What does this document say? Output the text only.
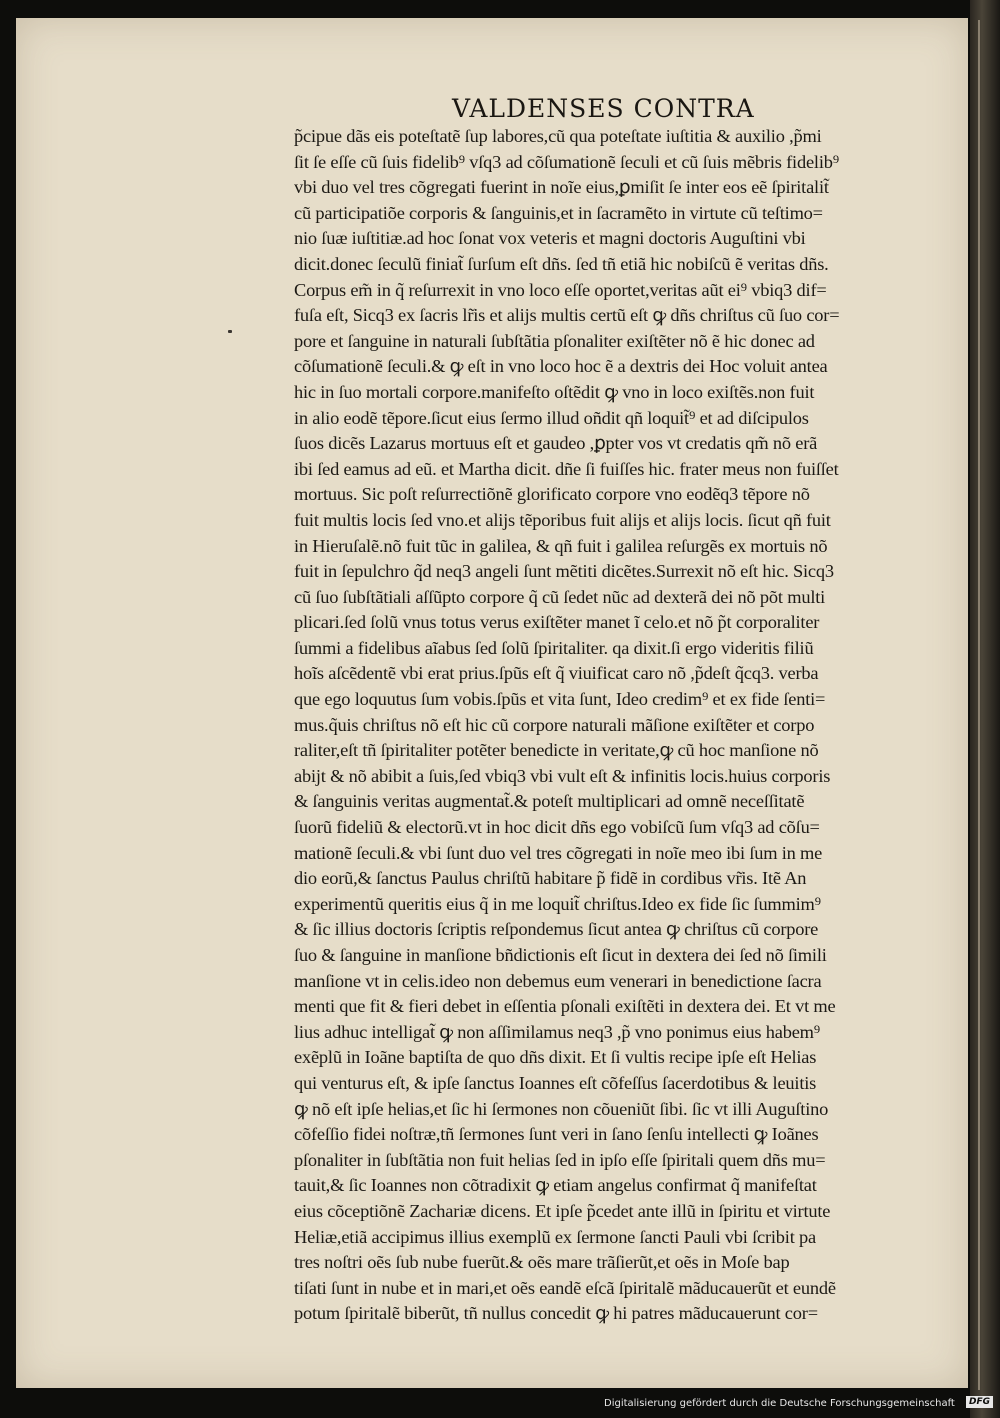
VALDENSES CONTRA
p̃cipue dãs eis poteſtatẽ ſup labores,cũ qua poteſtate iuſtitia & auxilio ,p̃mi
ſit ſe eſſe cũ ſuis fidelib⁹ vſq3 ad cõſumationẽ ſeculi et cũ ſuis mẽbris fidelib⁹
vbi duo vel tres cõgregati fuerint in noĩe eius,ꝑmiſit ſe inter eos eẽ ſpiritalit̃
cũ participatiõe corporis & ſanguinis,et in ſacramẽto in virtute cũ teſtimo=
nio ſuæ iuſtitiæ.ad hoc ſonat vox veteris et magni doctoris Auguſtini vbi
dicit.donec ſeculũ finiat̃ ſurſum eſt dñs. ſed tñ etiã hic nobiſcũ ẽ veritas dñs.
Corpus em̃ in q̃ reſurrexit in vno loco eſſe oportet,veritas aũt ei⁹ vbiq3 dif=
fuſa eſt, Sicq3 ex ſacris lr̃is et alijs multis certũ eſt ꝙ dñs chriſtus cũ ſuo cor=
pore et ſanguine in naturali ſubſtãtia pſonaliter exiſtẽter nõ ẽ hic donec ad
cõſumationẽ ſeculi.& ꝙ eſt in vno loco hoc ẽ a dextris dei Hoc voluit antea
hic in ſuo mortali corpore.manifeſto oſtẽdit ꝙ vno in loco exiſtẽs.non fuit
in alio eodẽ tẽpore.ſicut eius ſermo illud oñdit qñ loquit̃⁹ et ad diſcipulos
ſuos dicẽs Lazarus mortuus eſt et gaudeo ,ꝑpter vos vt credatis qm̃ nõ erã
ibi ſed eamus ad eũ. et Martha dicit. dñe ſi fuiſſes hic. frater meus non fuiſſet
mortuus. Sic poſt reſurrectiõnẽ glorificato corpore vno eodẽq3 tẽpore nõ
fuit multis locis ſed vno.et alijs tẽporibus fuit alijs et alijs locis. ſicut qñ fuit
in Hieruſalẽ.nõ fuit tũc in galilea, & qñ fuit i galilea reſurgẽs ex mortuis nõ
fuit in ſepulchro q̃d neq3 angeli ſunt mẽtiti dicẽtes.Surrexit nõ eſt hic. Sicq3
cũ ſuo ſubſtãtiali aſſũpto corpore q̃ cũ ſedet nũc ad dexterã dei nõ põt multi
plicari.ſed ſolũ vnus totus verus exiſtẽter manet ĩ celo.et nõ p̃t corporaliter
ſummi a fidelibus aĩabus ſed ſolũ ſpiritaliter. qa dixit.ſi ergo videritis filiũ
hoĩs aſcẽdentẽ vbi erat prius.ſpũs eſt q̃ viuificat caro nõ ,p̃deſt q̃cq3. verba
que ego loquutus ſum vobis.ſpũs et vita ſunt, Ideo credim⁹ et ex fide ſenti=
mus.q̃uis chriſtus nõ eſt hic cũ corpore naturali mãſione exiſtẽter et corpo
raliter,eſt tñ ſpiritaliter potẽter benedicte in veritate,ꝙ cũ hoc manſione nõ
abijt & nõ abibit a ſuis,ſed vbiq3 vbi vult eſt & infinitis locis.huius corporis
& ſanguinis veritas augmentat̃.& poteſt multiplicari ad omnẽ neceſſitatẽ
ſuorũ fideliũ & electorũ.vt in hoc dicit dñs ego vobiſcũ ſum vſq3 ad cõſu=
mationẽ ſeculi.& vbi ſunt duo vel tres cõgregati in noĩe meo ibi ſum in me
dio eorũ,& ſanctus Paulus chriſtũ habitare p̃ fidẽ in cordibus vr̃is. Itẽ An
experimentũ queritis eius q̃ in me loquit̃ chriſtus.Ideo ex fide ſic ſummim⁹
& ſic illius doctoris ſcriptis reſpondemus ſicut antea ꝙ chriſtus cũ corpore
ſuo & ſanguine in manſione bñdictionis eſt ſicut in dextera dei ſed nõ ſimili
manſione vt in celis.ideo non debemus eum venerari in benedictione ſacra
menti que fit & fieri debet in eſſentia pſonali exiſtẽti in dextera dei. Et vt me
lius adhuc intelligat̃ ꝙ non aſſimilamus neq3 ,p̃ vno ponimus eius habem⁹
exẽplũ in Ioãne baptiſta de quo dñs dixit. Et ſi vultis recipe ipſe eſt Helias
qui venturus eſt, & ipſe ſanctus Ioannes eſt cõfeſſus ſacerdotibus & leuitis
ꝙ nõ eſt ipſe helias,et ſic hi ſermones non cõueniũt ſibi. ſic vt illi Auguſtino
cõfeſſio fidei noſtræ,tñ ſermones ſunt veri in ſano ſenſu intellecti ꝙ Ioãnes
pſonaliter in ſubſtãtia non fuit helias ſed in ipſo eſſe ſpiritali quem dñs mu=
tauit,& ſic Ioannes non cõtradixit ꝙ etiam angelus confirmat q̃ manifeſtat
eius cõceptiõnẽ Zachariæ dicens. Et ipſe p̃cedet ante illũ in ſpiritu et virtute
Heliæ,etiã accipimus illius exemplũ ex ſermone ſancti Pauli vbi ſcribit pa
tres noſtri oẽs ſub nube fuerũt.& oẽs mare trãſierũt,et oẽs in Moſe bap
tiſati ſunt in nube et in mari,et oẽs eandẽ eſcã ſpiritalẽ mãducauerũt et eundẽ
potum ſpiritalẽ biberũt, tñ nullus concedit ꝙ hi patres mãducauerunt cor=
Digitalisierung gefördert durch die Deutsche Forschungsgemeinschaft	DFG
